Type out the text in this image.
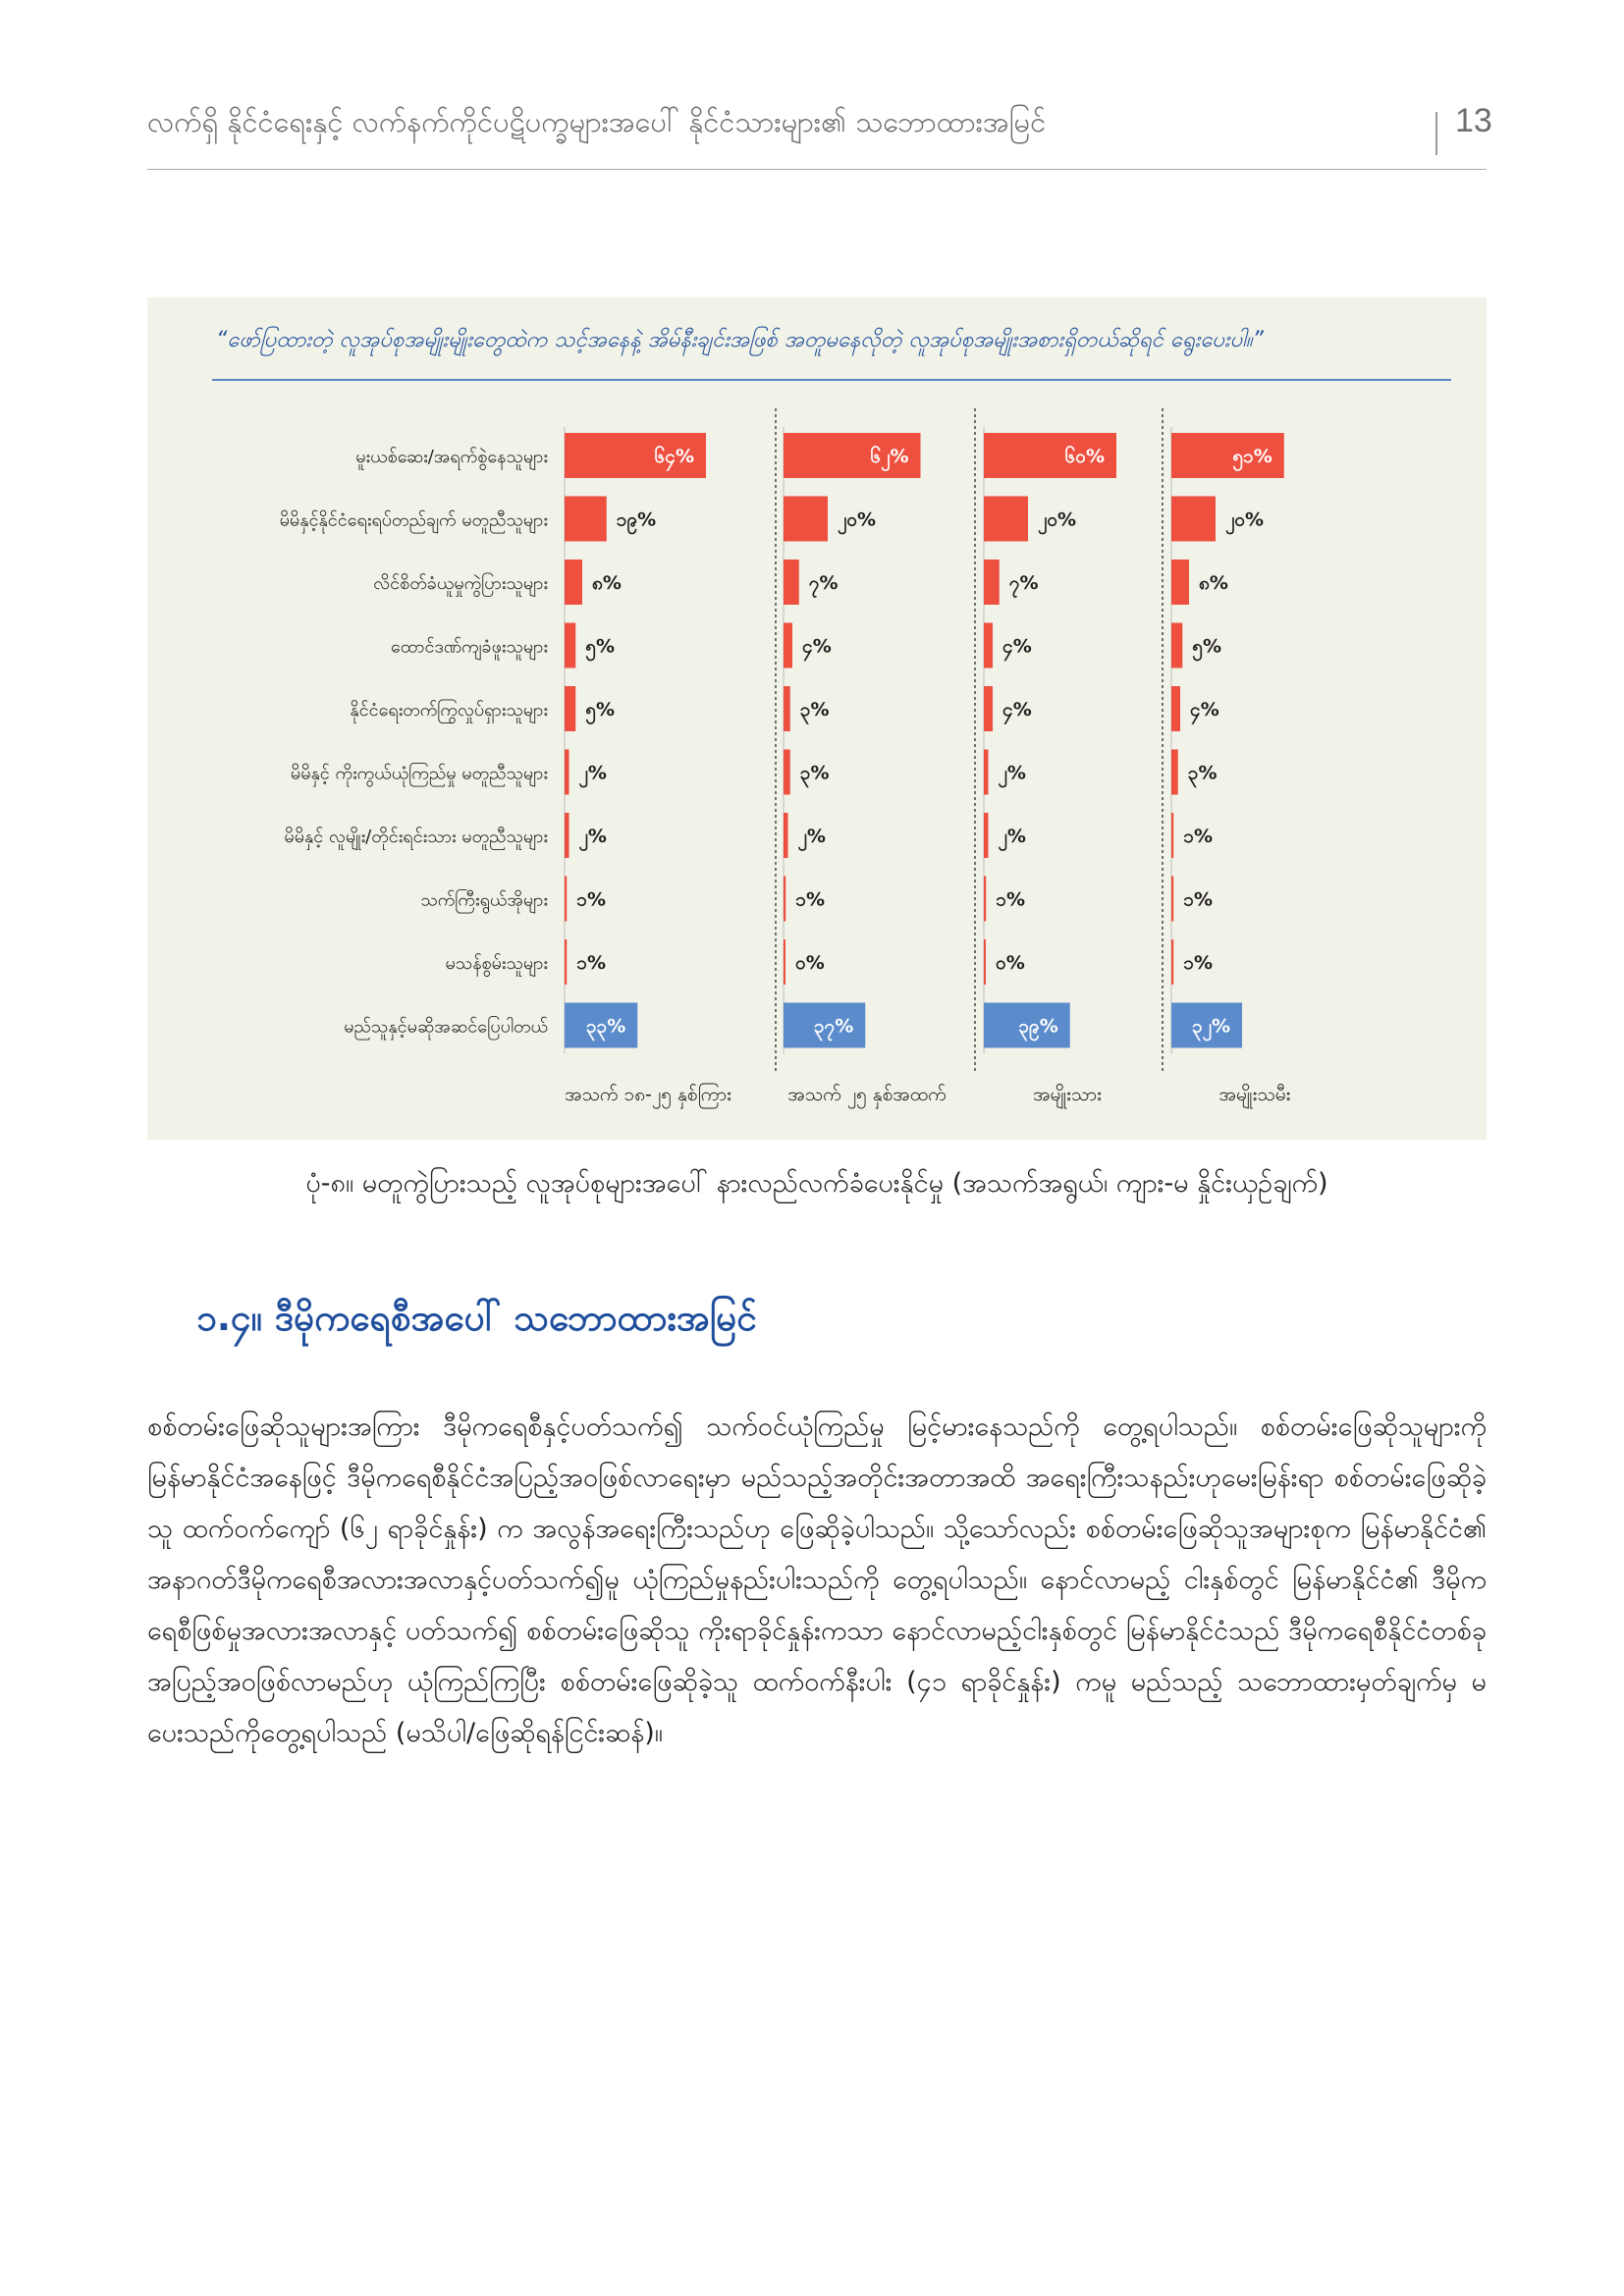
လက်ရှိ နိုင်ငံရေးနှင့် လက်နက်ကိုင်ပဋိပက္ခများအပေါ် နိုင်ငံသားများ၏ သဘောထားအမြင်	13
“ဖော်ပြထားတဲ့ လူအုပ်စုအမျိုးမျိုးတွေထဲက သင့်အနေနဲ့ အိမ်နီးချင်းအဖြစ် အတူမနေလိုတဲ့ လူအုပ်စုအမျိုးအစားရှိတယ်ဆိုရင် ရွေးပေးပါ။”
မူးယစ်ဆေး/အရက်စွဲနေသူများ
မိမိနှင့်နိုင်ငံရေးရပ်တည်ချက် မတူညီသူများ
လိင်စိတ်ခံယူမှုကွဲပြားသူများ
ထောင်ဒဏ်ကျခံဖူးသူများ
နိုင်ငံရေးတက်ကြွလှုပ်ရှားသူများ
မိမိနှင့် ကိုးကွယ်ယုံကြည်မှု မတူညီသူများ
မိမိနှင့် လူမျိုး/တိုင်းရင်းသား မတူညီသူများ
သက်ကြီးရွယ်အိုများ
မသန်စွမ်းသူများ
မည်သူနှင့်မဆိုအဆင်ပြေပါတယ်
၆၄%
၁၉%
၈%
၅%
၅%
၂%
၂%
၁%
၁%
၃၃%
အသက် ၁၈-၂၅ နှစ်ကြား
၆၂%
၂၀%
၇%
၄%
၃%
၃%
၂%
၁%
၀%
၃၇%
အသက် ၂၅ နှစ်အထက်
၆၀%
၂၀%
၇%
၄%
၄%
၂%
၂%
၁%
၀%
၃၉%
အမျိုးသား
၅၁%
၂၀%
၈%
၅%
၄%
၃%
၁%
၁%
၁%
၃၂%
အမျိုးသမီး
ပုံ-၈။ မတူကွဲပြားသည့် လူအုပ်စုများအပေါ် နားလည်လက်ခံပေးနိုင်မှု (အသက်အရွယ်၊ ကျား-မ နှိုင်းယှဉ်ချက်)
၁.၄။ ဒီမိုကရေစီအပေါ် သဘောထားအမြင်
စစ်တမ်းဖြေဆိုသူများအကြား ဒီမိုကရေစီနှင့်ပတ်သက်၍ သက်ဝင်ယုံကြည်မှု မြင့်မားနေသည်ကို တွေ့ရပါသည်။ စစ်တမ်းဖြေဆိုသူများကို မြန်မာနိုင်ငံအနေဖြင့် ဒီမိုကရေစီနိုင်ငံအပြည့်အဝဖြစ်လာရေးမှာ မည်သည့်အတိုင်းအတာအထိ အရေးကြီးသနည်းဟုမေးမြန်းရာ စစ်တမ်းဖြေဆိုခဲ့သူ ထက်ဝက်ကျော် (၆၂ ရာခိုင်နှုန်း) က အလွန်အရေးကြီးသည်ဟု ဖြေဆိုခဲ့ပါသည်။ သို့သော်လည်း စစ်တမ်းဖြေဆိုသူအများစုက မြန်မာနိုင်ငံ၏ အနာဂတ်ဒီမိုကရေစီအလားအလာနှင့်ပတ်သက်၍မူ ယုံကြည်မှုနည်းပါးသည်ကို တွေ့ရပါသည်။ နောင်လာမည့် ငါးနှစ်တွင် မြန်မာနိုင်ငံ၏ ဒီမိုကရေစီဖြစ်မှုအလားအလာနှင့် ပတ်သက်၍ စစ်တမ်းဖြေဆိုသူ ကိုးရာခိုင်နှုန်းကသာ နောင်လာမည့်ငါးနှစ်တွင် မြန်မာနိုင်ငံသည် ဒီမိုကရေစီနိုင်ငံတစ်ခု အပြည့်အဝဖြစ်လာမည်ဟု ယုံကြည်ကြပြီး စစ်တမ်းဖြေဆိုခဲ့သူ ထက်ဝက်နီးပါး (၄၁ ရာခိုင်နှုန်း) ကမူ မည်သည့် သဘောထားမှတ်ချက်မှ မပေးသည်ကိုတွေ့ရပါသည် (မသိပါ/ဖြေဆိုရန်ငြင်းဆန်)။
